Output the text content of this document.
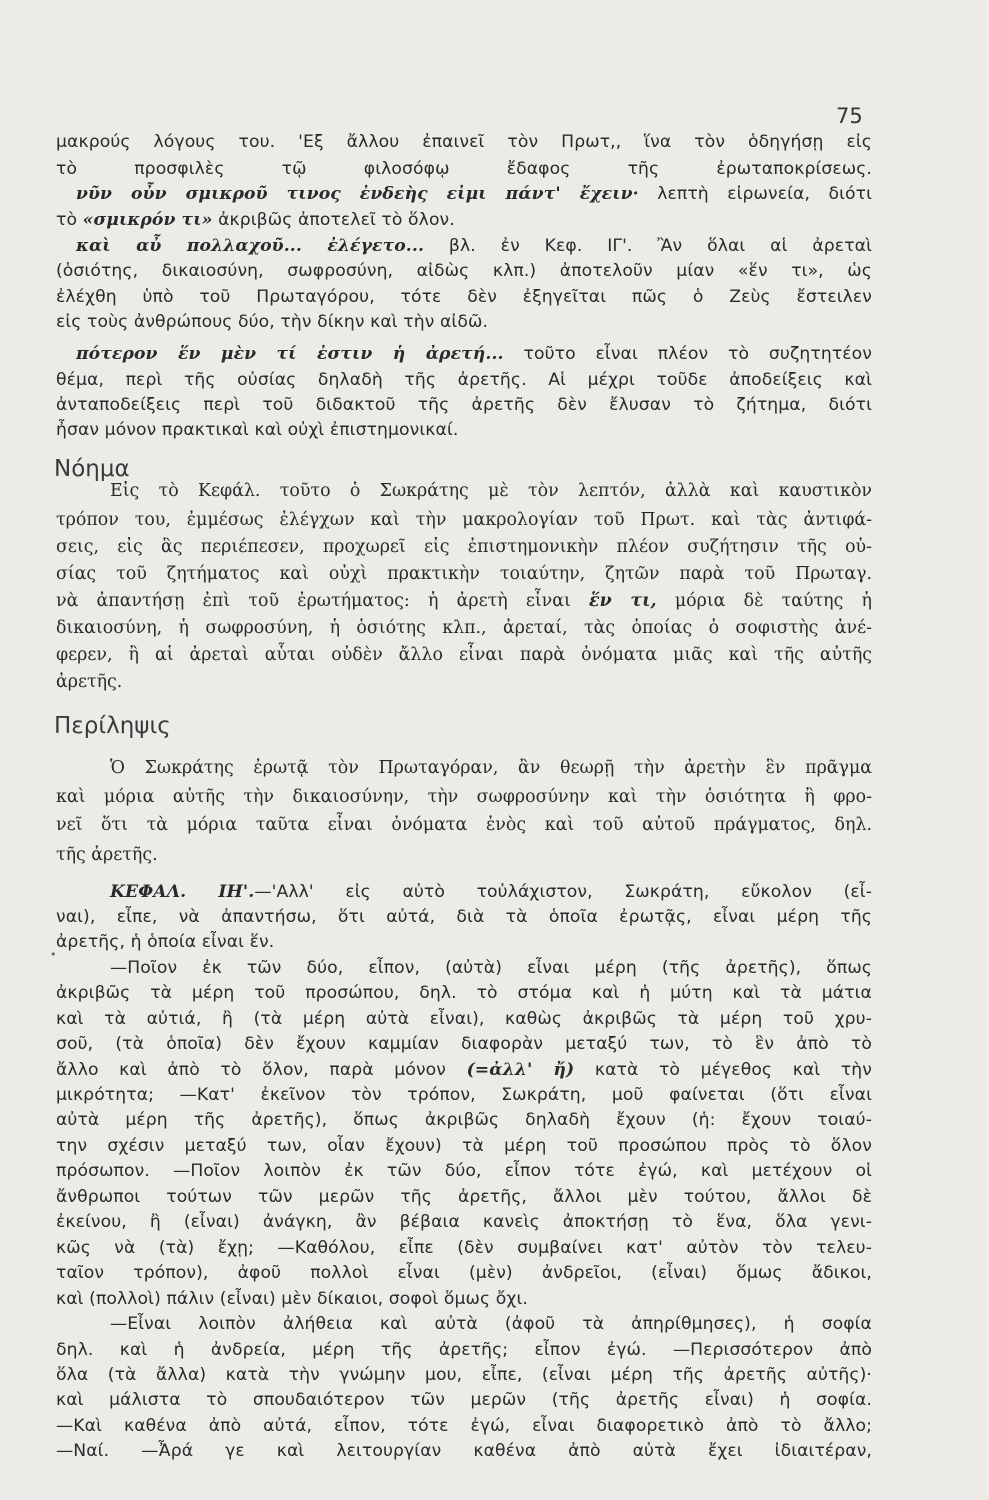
75
μακρούς λόγους του. 'Εξ ἄλλου ἐπαινεῖ τὸν Πρωτ,, ἵνα τὸν ὁδηγήσῃ εἰς
τὸ προσφιλὲς τῷ φιλοσόφῳ ἔδαφος τῆς ἐρωταποκρίσεως.
νῦν οὖν σμικροῦ τινος ἐνδεὴς εἰμι πάντ' ἔχειν· λεπτὴ εἰρωνεία, διότι
τὸ «σμικρόν τι» ἀκριβῶς ἀποτελεῖ τὸ ὅλον.
καὶ αὖ πολλαχοῦ... ἐλέγετο... βλ. ἐν Κεφ. ΙΓ'. Ἂν ὅλαι αἱ ἀρεταὶ
(ὁσιότης, δικαιοσύνη, σωφροσύνη, αἰδὼς κλπ.) ἀποτελοῦν μίαν «ἕν τι», ὡς
ἐλέχθη ὑπὸ τοῦ Πρωταγόρου, τότε δὲν ἐξηγεῖται πῶς ὁ Ζεὺς ἔστειλεν
εἰς τοὺς ἀνθρώπους δύο, τὴν δίκην καὶ τὴν αἰδῶ.
πότερον ἕν μὲν τί ἐστιν ἡ ἀρετή... τοῦτο εἶναι πλέον τὸ συζητητέον
θέμα, περὶ τῆς οὐσίας δηλαδὴ τῆς ἀρετῆς. Αἱ μέχρι τοῦδε ἀποδείξεις καὶ
ἀνταποδείξεις περὶ τοῦ διδακτοῦ τῆς ἀρετῆς δὲν ἔλυσαν τὸ ζήτημα, διότι
ἦσαν μόνον πρακτικαὶ καὶ οὐχὶ ἐπιστημονικαί.
Νόημα
Εἰς τὸ Κεφάλ. τοῦτο ὁ Σωκράτης μὲ τὸν λεπτόν, ἀλλὰ καὶ καυστικὸν
τρόπον του, ἐμμέσως ἐλέγχων καὶ τὴν μακρολογίαν τοῦ Πρωτ. καὶ τὰς ἀντιφά-
σεις, εἰς ἃς περιέπεσεν, προχωρεῖ εἰς ἐπιστημονικὴν πλέον συζήτησιν τῆς οὐ-
σίας τοῦ ζητήματος καὶ οὐχὶ πρακτικὴν τοιαύτην, ζητῶν παρὰ τοῦ Πρωταγ.
νὰ ἀπαντήσῃ ἐπὶ τοῦ ἐρωτήματος: ἡ ἀρετὴ εἶναι ἕν τι, μόρια δὲ ταύτης ἡ
δικαιοσύνη, ἡ σωφροσύνη, ἡ ὁσιότης κλπ., ἀρεταί, τὰς ὁποίας ὁ σοφιστὴς ἀνέ-
φερεν, ἢ αἱ ἀρεταὶ αὗται οὐδὲν ἄλλο εἶναι παρὰ ὀνόματα μιᾶς καὶ τῆς αὐτῆς
ἀρετῆς.
Περίληψις
Ὁ Σωκράτης ἐρωτᾷ τὸν Πρωταγόραν, ἂν θεωρῇ τὴν ἀρετὴν ἓν πρᾶγμα
καὶ μόρια αὐτῆς τὴν δικαιοσύνην, τὴν σωφροσύνην καὶ τὴν ὁσιότητα ἢ φρο-
νεῖ ὅτι τὰ μόρια ταῦτα εἶναι ὀνόματα ἑνὸς καὶ τοῦ αὐτοῦ πράγματος, δηλ.
τῆς ἀρετῆς.
ΚΕΦΑΛ. ΙΗ'.—'Αλλ' εἰς αὐτὸ τοὐλάχιστον, Σωκράτη, εὔκολον (εἶ-
ναι), εἶπε, νὰ ἀπαντήσω, ὅτι αὐτά, διὰ τὰ ὁποῖα ἐρωτᾷς, εἶναι μέρη τῆς
ἀρετῆς, ἡ ὁποία εἶναι ἕν.
•
—Ποῖον ἐκ τῶν δύο, εἶπον, (αὐτὰ) εἶναι μέρη (τῆς ἀρετῆς), ὅπως
ἀκριβῶς τὰ μέρη τοῦ προσώπου, δηλ. τὸ στόμα καὶ ἡ μύτη καὶ τὰ μάτια
καὶ τὰ αὐτιά, ἢ (τὰ μέρη αὐτὰ εἶναι), καθὼς ἀκριβῶς τὰ μέρη τοῦ χρυ-
σοῦ, (τὰ ὁποῖα) δὲν ἔχουν καμμίαν διαφορὰν μεταξύ των, τὸ ἓν ἀπὸ τὸ
ἄλλο καὶ ἀπὸ τὸ ὅλον, παρὰ μόνον (=ἀλλ' ἤ) κατὰ τὸ μέγεθος καὶ τὴν
μικρότητα; —Κατ' ἐκεῖνον τὸν τρόπον, Σωκράτη, μοῦ φαίνεται (ὅτι εἶναι
αὐτὰ μέρη τῆς ἀρετῆς), ὅπως ἀκριβῶς δηλαδὴ ἔχουν (ἡ: ἔχουν τοιαύ-
την σχέσιν μεταξύ των, οἷαν ἔχουν) τὰ μέρη τοῦ προσώπου πρὸς τὸ ὅλον
πρόσωπον. —Ποῖον λοιπὸν ἐκ τῶν δύο, εἶπον τότε ἐγώ, καὶ μετέχουν οἱ
ἄνθρωποι τούτων τῶν μερῶν τῆς ἀρετῆς, ἄλλοι μὲν τούτου, ἄλλοι δὲ
ἐκείνου, ἢ (εἶναι) ἀνάγκη, ἂν βέβαια κανεὶς ἀποκτήσῃ τὸ ἕνα, ὅλα γενι-
κῶς νὰ (τὰ) ἔχῃ; —Καθόλου, εἶπε (δὲν συμβαίνει κατ' αὐτὸν τὸν τελευ-
ταῖον τρόπον), ἀφοῦ πολλοὶ εἶναι (μὲν) ἀνδρεῖοι, (εἶναι) ὅμως ἄδικοι,
καὶ (πολλοὶ) πάλιν (εἶναι) μὲν δίκαιοι, σοφοὶ ὅμως ὄχι.
—Εἶναι λοιπὸν ἀλήθεια καὶ αὐτὰ (ἀφοῦ τὰ ἀπηρίθμησες), ἡ σοφία
δηλ. καὶ ἡ ἀνδρεία, μέρη τῆς ἀρετῆς; εἶπον ἐγώ. —Περισσότερον ἀπὸ
ὅλα (τὰ ἄλλα) κατὰ τὴν γνώμην μου, εἶπε, (εἶναι μέρη τῆς ἀρετῆς αὐτῆς)·
καὶ μάλιστα τὸ σπουδαιότερον τῶν μερῶν (τῆς ἀρετῆς εἶναι) ἡ σοφία.
—Καὶ καθένα ἀπὸ αὐτά, εἶπον, τότε ἐγώ, εἶναι διαφορετικὸ ἀπὸ τὸ ἄλλο;
—Ναί. —Ἆρά γε καὶ λειτουργίαν καθένα ἀπὸ αὐτὰ ἔχει ἰδιαιτέραν,
